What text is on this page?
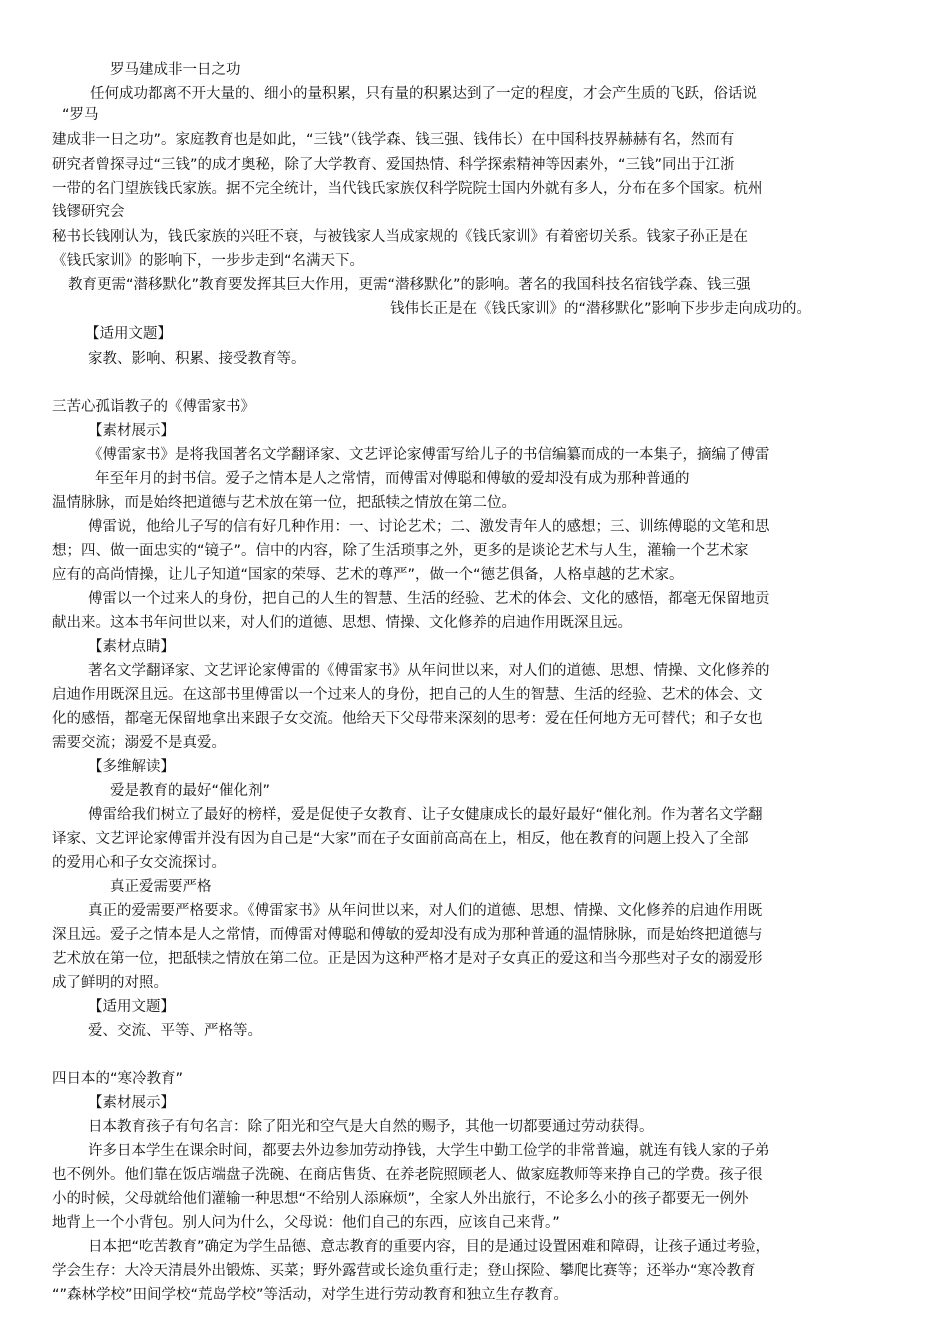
罗马建成非一日之功
任何成功都离不开大量的、细小的量积累，只有量的积累达到了一定的程度，才会产生质的飞跃，俗话说
“罗马
建成非一日之功”。家庭教育也是如此，“三钱”（钱学森、钱三强、钱伟长）在中国科技界赫赫有名，然而有
研究者曾探寻过“三钱”的成才奥秘，除了大学教育、爱国热情、科学探索精神等因素外，“三钱”同出于江浙
一带的名门望族钱氏家族。据不完全统计，当代钱氏家族仅科学院院士国内外就有多人，分布在多个国家。杭州
钱镠研究会
秘书长钱刚认为，钱氏家族的兴旺不衰，与被钱家人当成家规的《钱氏家训》有着密切关系。钱家子孙正是在
《钱氏家训》的影响下，一步步走到“名满天下。
教育更需“潜移默化”教育要发挥其巨大作用，更需“潜移默化”的影响。著名的我国科技名宿钱学森、钱三强
钱伟长正是在《钱氏家训》的“潜移默化”影响下步步走向成功的。
【适用文题】
家教、影响、积累、接受教育等。
三苦心孤诣教子的《傅雷家书》
【素材展示】
《傅雷家书》是将我国著名文学翻译家、文艺评论家傅雷写给儿子的书信编纂而成的一本集子，摘编了傅雷
年至年月的封书信。爱子之情本是人之常情，而傅雷对傅聪和傅敏的爱却没有成为那种普通的
温情脉脉，而是始终把道德与艺术放在第一位，把舐犊之情放在第二位。
傅雷说，他给儿子写的信有好几种作用：一、讨论艺术；二、激发青年人的感想；三、训练傅聪的文笔和思
想；四、做一面忠实的“镜子”。信中的内容，除了生活琐事之外，更多的是谈论艺术与人生，灌输一个艺术家
应有的高尚情操，让儿子知道“国家的荣辱、艺术的尊严”，做一个“德艺俱备，人格卓越的艺术家。
傅雷以一个过来人的身份，把自己的人生的智慧、生活的经验、艺术的体会、文化的感悟，都毫无保留地贡
献出来。这本书年问世以来，对人们的道德、思想、情操、文化修养的启迪作用既深且远。
【素材点睛】
著名文学翻译家、文艺评论家傅雷的《傅雷家书》从年问世以来，对人们的道德、思想、情操、文化修养的
启迪作用既深且远。在这部书里傅雷以一个过来人的身份，把自己的人生的智慧、生活的经验、艺术的体会、文
化的感悟，都毫无保留地拿出来跟子女交流。他给天下父母带来深刻的思考：爱在任何地方无可替代；和子女也
需要交流；溺爱不是真爱。
【多维解读】
爱是教育的最好“催化剂”
傅雷给我们树立了最好的榜样，爱是促使子女教育、让子女健康成长的最好最好“催化剂。作为著名文学翻
译家、文艺评论家傅雷并没有因为自己是“大家”而在子女面前高高在上，相反，他在教育的问题上投入了全部
的爱用心和子女交流探讨。
真正爱需要严格
真正的爱需要严格要求。《傅雷家书》从年问世以来，对人们的道德、思想、情操、文化修养的启迪作用既
深且远。爱子之情本是人之常情，而傅雷对傅聪和傅敏的爱却没有成为那种普通的温情脉脉，而是始终把道德与
艺术放在第一位，把舐犊之情放在第二位。正是因为这种严格才是对子女真正的爱这和当今那些对子女的溺爱形
成了鲜明的对照。
【适用文题】
爱、交流、平等、严格等。
四日本的“寒冷教育”
【素材展示】
日本教育孩子有句名言：除了阳光和空气是大自然的赐予，其他一切都要通过劳动获得。
许多日本学生在课余时间，都要去外边参加劳动挣钱，大学生中勤工俭学的非常普遍，就连有钱人家的子弟
也不例外。他们靠在饭店端盘子洗碗、在商店售货、在养老院照顾老人、做家庭教师等来挣自己的学费。孩子很
小的时候，父母就给他们灌输一种思想“不给别人添麻烦”，全家人外出旅行，不论多么小的孩子都要无一例外
地背上一个小背包。别人问为什么，父母说：他们自己的东西，应该自己来背。”
日本把“吃苦教育”确定为学生品德、意志教育的重要内容，目的是通过设置困难和障碍，让孩子通过考验，
学会生存：大冷天清晨外出锻炼、买菜；野外露营或长途负重行走；登山探险、攀爬比赛等；还举办“寒冷教育
“”森林学校”田间学校“荒岛学校”等活动，对学生进行劳动教育和独立生存教育。
